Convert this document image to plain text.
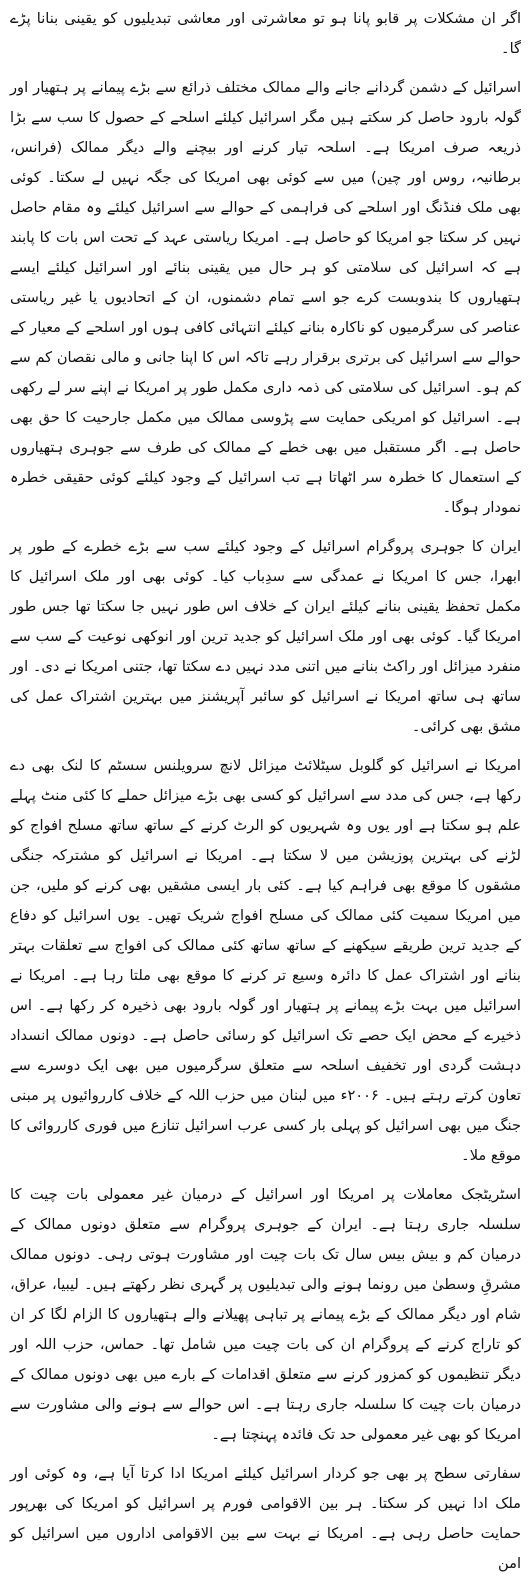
اگر ان مشکلات پر قابو پانا ہو تو معاشرتی اور معاشی تبدیلیوں کو یقینی بنانا پڑے گا۔

اسرائیل کے دشمن گردانے جانے والے ممالک مختلف ذرائع سے بڑے پیمانے پر ہتھیار اور گولہ بارود حاصل کر سکتے ہیں مگر اسرائیل کیلئے اسلحے کے حصول کا سب سے بڑا ذریعہ صرف امریکا ہے۔ اسلحہ تیار کرنے اور بیچنے والے دیگر ممالک (فرانس، برطانیہ، روس اور چین) میں سے کوئی بھی امریکا کی جگہ نہیں لے سکتا۔ کوئی بھی ملک فنڈنگ اور اسلحے کی فراہمی کے حوالے سے اسرائیل کیلئے وہ مقام حاصل نہیں کر سکتا جو امریکا کو حاصل ہے۔ امریکا ریاستی عہد کے تحت اس بات کا پابند ہے کہ اسرائیل کی سلامتی کو ہر حال میں یقینی بنائے اور اسرائیل کیلئے ایسے ہتھیاروں کا بندوبست کرے جو اسے تمام دشمنوں، ان کے اتحادیوں یا غیر ریاستی عناصر کی سرگرمیوں کو ناکارہ بنانے کیلئے انتہائی کافی ہوں اور اسلحے کے معیار کے حوالے سے اسرائیل کی برتری برقرار رہے تاکہ اس کا اپنا جانی و مالی نقصان کم سے کم ہو۔ اسرائیل کی سلامتی کی ذمہ داری مکمل طور پر امریکا نے اپنے سر لے رکھی ہے۔ اسرائیل کو امریکی حمایت سے پڑوسی ممالک میں مکمل جارحیت کا حق بھی حاصل ہے۔ اگر مستقبل میں بھی خطے کے ممالک کی طرف سے جوہری ہتھیاروں کے استعمال کا خطرہ سر اٹھاتا ہے تب اسرائیل کے وجود کیلئے کوئی حقیقی خطرہ نمودار ہوگا۔

ایران کا جوہری پروگرام اسرائیل کے وجود کیلئے سب سے بڑے خطرے کے طور پر ابھرا، جس کا امریکا نے عمدگی سے سدِباب کیا۔ کوئی بھی اور ملک اسرائیل کا مکمل تحفظ یقینی بنانے کیلئے ایران کے خلاف اس طور نہیں جا سکتا تھا جس طور امریکا گیا۔ کوئی بھی اور ملک اسرائیل کو جدید ترین اور انوکھی نوعیت کے سب سے منفرد میزائل اور راکٹ بنانے میں اتنی مدد نہیں دے سکتا تھا، جتنی امریکا نے دی۔ اور ساتھ ہی ساتھ امریکا نے اسرائیل کو سائبر آپریشنز میں بہترین اشتراک عمل کی مشق بھی کرائی۔

امریکا نے اسرائیل کو گلوبل سیٹلائٹ میزائل لانچ سرویلنس سسٹم کا لنک بھی دے رکھا ہے، جس کی مدد سے اسرائیل کو کسی بھی بڑے میزائل حملے کا کئی منٹ پہلے علم ہو سکتا ہے اور یوں وہ شہریوں کو الرٹ کرنے کے ساتھ ساتھ مسلح افواج کو لڑنے کی بہترین پوزیشن میں لا سکتا ہے۔ امریکا نے اسرائیل کو مشترکہ جنگی مشقوں کا موقع بھی فراہم کیا ہے۔ کئی بار ایسی مشقیں بھی کرنے کو ملیں، جن میں امریکا سمیت کئی ممالک کی مسلح افواج شریک تھیں۔ یوں اسرائیل کو دفاع کے جدید ترین طریقے سیکھنے کے ساتھ ساتھ کئی ممالک کی افواج سے تعلقات بہتر بنانے اور اشتراک عمل کا دائرہ وسیع تر کرنے کا موقع بھی ملتا رہا ہے۔ امریکا نے اسرائیل میں بہت بڑے پیمانے پر ہتھیار اور گولہ بارود بھی ذخیرہ کر رکھا ہے۔ اس ذخیرے کے محض ایک حصے تک اسرائیل کو رسائی حاصل ہے۔ دونوں ممالک انسداد دہشت گردی اور تخفیف اسلحہ سے متعلق سرگرمیوں میں بھی ایک دوسرے سے تعاون کرتے رہتے ہیں۔ ۲۰۰۶ء میں لبنان میں حزب اللہ کے خلاف کارروائیوں پر مبنی جنگ میں بھی اسرائیل کو پہلی بار کسی عرب اسرائیل تنازع میں فوری کارروائی کا موقع ملا۔

اسٹریٹجک معاملات پر امریکا اور اسرائیل کے درمیان غیر معمولی بات چیت کا سلسلہ جاری رہتا ہے۔ ایران کے جوہری پروگرام سے متعلق دونوں ممالک کے درمیان کم و بیش بیس سال تک بات چیت اور مشاورت ہوتی رہی۔ دونوں ممالک مشرقِ وسطیٰ میں رونما ہونے والی تبدیلیوں پر گہری نظر رکھتے ہیں۔ لیبیا، عراق، شام اور دیگر ممالک کے بڑے پیمانے پر تباہی پھیلانے والے ہتھیاروں کا الزام لگا کر ان کو تاراج کرنے کے پروگرام ان کی بات چیت میں شامل تھا۔ حماس، حزب اللہ اور دیگر تنظیموں کو کمزور کرنے سے متعلق اقدامات کے بارے میں بھی دونوں ممالک کے درمیان بات چیت کا سلسلہ جاری رہتا ہے۔ اس حوالے سے ہونے والی مشاورت سے امریکا کو بھی غیر معمولی حد تک فائدہ پہنچتا ہے۔

سفارتی سطح پر بھی جو کردار اسرائیل کیلئے امریکا ادا کرتا آیا ہے، وہ کوئی اور ملک ادا نہیں کر سکتا۔ ہر بین الاقوامی فورم پر اسرائیل کو امریکا کی بھرپور حمایت حاصل رہی ہے۔ امریکا نے بہت سے بین الاقوامی اداروں میں اسرائیل کو امن
